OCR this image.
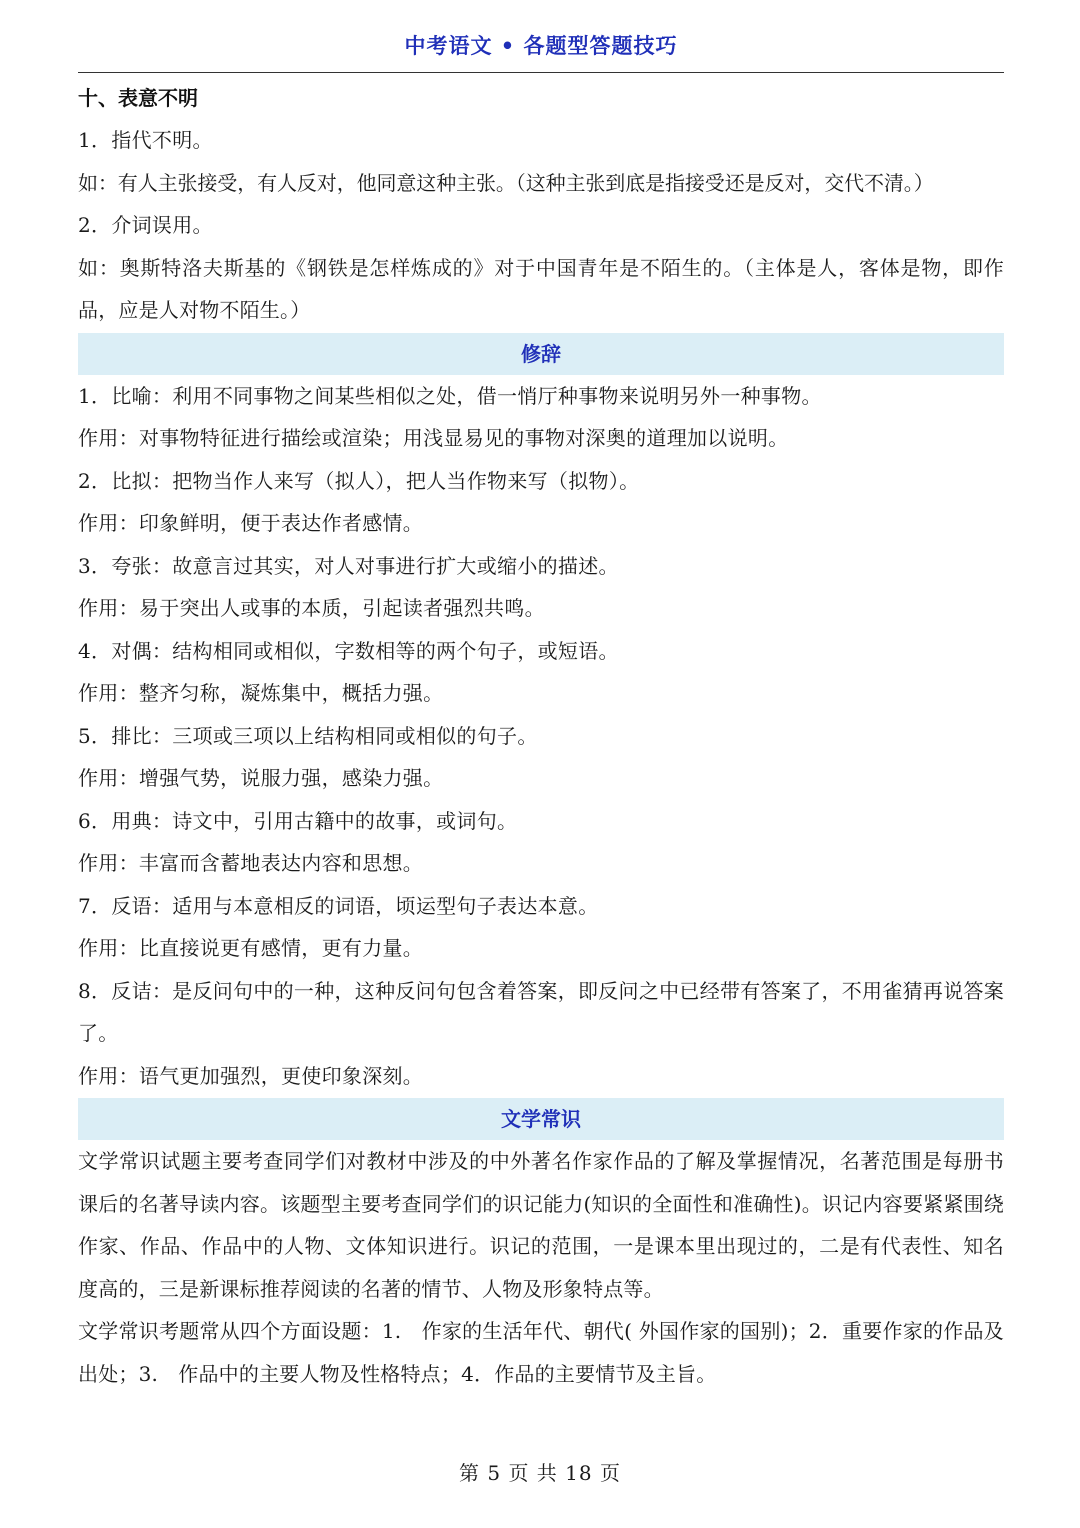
中考语文 • 各题型答题技巧
十、表意不明
1．指代不明。
如：有人主张接受，有人反对，他同意这种主张。（这种主张到底是指接受还是反对，交代不清。）
2．介词误用。
如：奥斯特洛夫斯基的《钢铁是怎样炼成的》对于中国青年是不陌生的。（主体是人，客体是物，即作品，应是人对物不陌生。）
修辞
1．比喻：利用不同事物之间某些相似之处，借一悄厅种事物来说明另外一种事物。
作用：对事物特征进行描绘或渲染；用浅显易见的事物对深奥的道理加以说明。
2．比拟：把物当作人来写（拟人），把人当作物来写（拟物）。
作用：印象鲜明，便于表达作者感情。
3．夸张：故意言过其实，对人对事进行扩大或缩小的描述。
作用：易于突出人或事的本质，引起读者强烈共鸣。
4．对偶：结构相同或相似，字数相等的两个句子，或短语。
作用：整齐匀称，凝炼集中，概括力强。
5．排比：三项或三项以上结构相同或相似的句子。
作用：增强气势，说服力强，感染力强。
6．用典：诗文中，引用古籍中的故事，或词句。
作用：丰富而含蓄地表达内容和思想。
7．反语：适用与本意相反的词语，顷运型句子表达本意。
作用：比直接说更有感情，更有力量。
8．反诘：是反问句中的一种，这种反问句包含着答案，即反问之中已经带有答案了，不用雀猜再说答案了。
作用：语气更加强烈，更使印象深刻。
文学常识
文学常识试题主要考查同学们对教材中涉及的中外著名作家作品的了解及掌握情况，名著范围是每册书课后的名著导读内容。该题型主要考查同学们的识记能力(知识的全面性和准确性)。识记内容要紧紧围绕作家、作品、作品中的人物、文体知识进行。识记的范围，一是课本里出现过的，二是有代表性、知名度高的，三是新课标推荐阅读的名著的情节、人物及形象特点等。
文学常识考题常从四个方面设题：1.　作家的生活年代、朝代( 外国作家的国别)；2．重要作家的作品及出处；3.　作品中的主要人物及性格特点；4．作品的主要情节及主旨。
第 5 页 共 18 页
